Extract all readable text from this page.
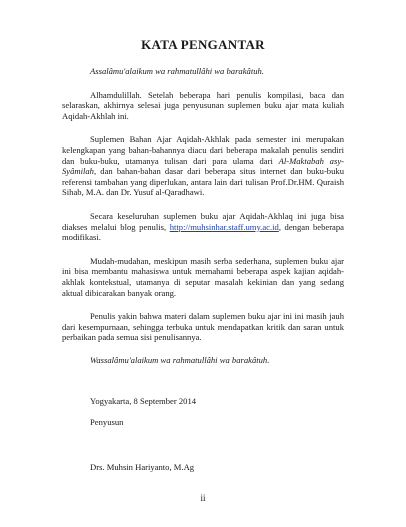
KATA PENGANTAR

Assalâmu'alaikum wa rahmatullâhi wa barakâtuh.

Alhamdulillah. Setelah beberapa hari penulis kompilasi, baca dan selaraskan, akhirnya selesai juga penyusunan suplemen buku ajar mata kuliah Aqidah-Akhlah ini.

Suplemen Bahan Ajar Aqidah-Akhlak pada semester ini merupakan kelengkapan yang bahan-bahannya diacu dari beberapa makalah penulis sendiri dan buku-buku, utamanya tulisan dari para ulama dari Al-Maktabah asy-Syâmilah, dan bahan-bahan dasar dari beberapa situs internet dan buku-buku referensi tambahan yang diperlukan, antara lain dari tulisan Prof.Dr.HM. Quraish Sihab, M.A. dan Dr. Yusuf al-Qaradhawi.

Secara keseluruhan suplemen buku ajar Aqidah-Akhlaq ini juga bisa diakses melalui blog penulis, http://muhsinhar.staff.umy.ac.id, dengan beberapa modifikasi.

Mudah-mudahan, meskipun masih serba sederhana, suplemen buku ajar ini bisa membantu mahasiswa untuk memahami beberapa aspek kajian aqidah-akhlak kontekstual, utamanya di seputar masalah kekinian dan yang sedang aktual dibicarakan banyak orang.

Penulis yakin bahwa materi dalam suplemen buku ajar ini ini masih jauh dari kesempurnaan, sehingga terbuka untuk mendapatkan kritik dan saran untuk perbaikan pada semua sisi penulisannya.

Wassalâmu'alaikum wa rahmatullâhi wa barakâtuh.

Yogyakarta, 8 September 2014

Penyusun

Drs. Muhsin Hariyanto, M.Ag

ii
